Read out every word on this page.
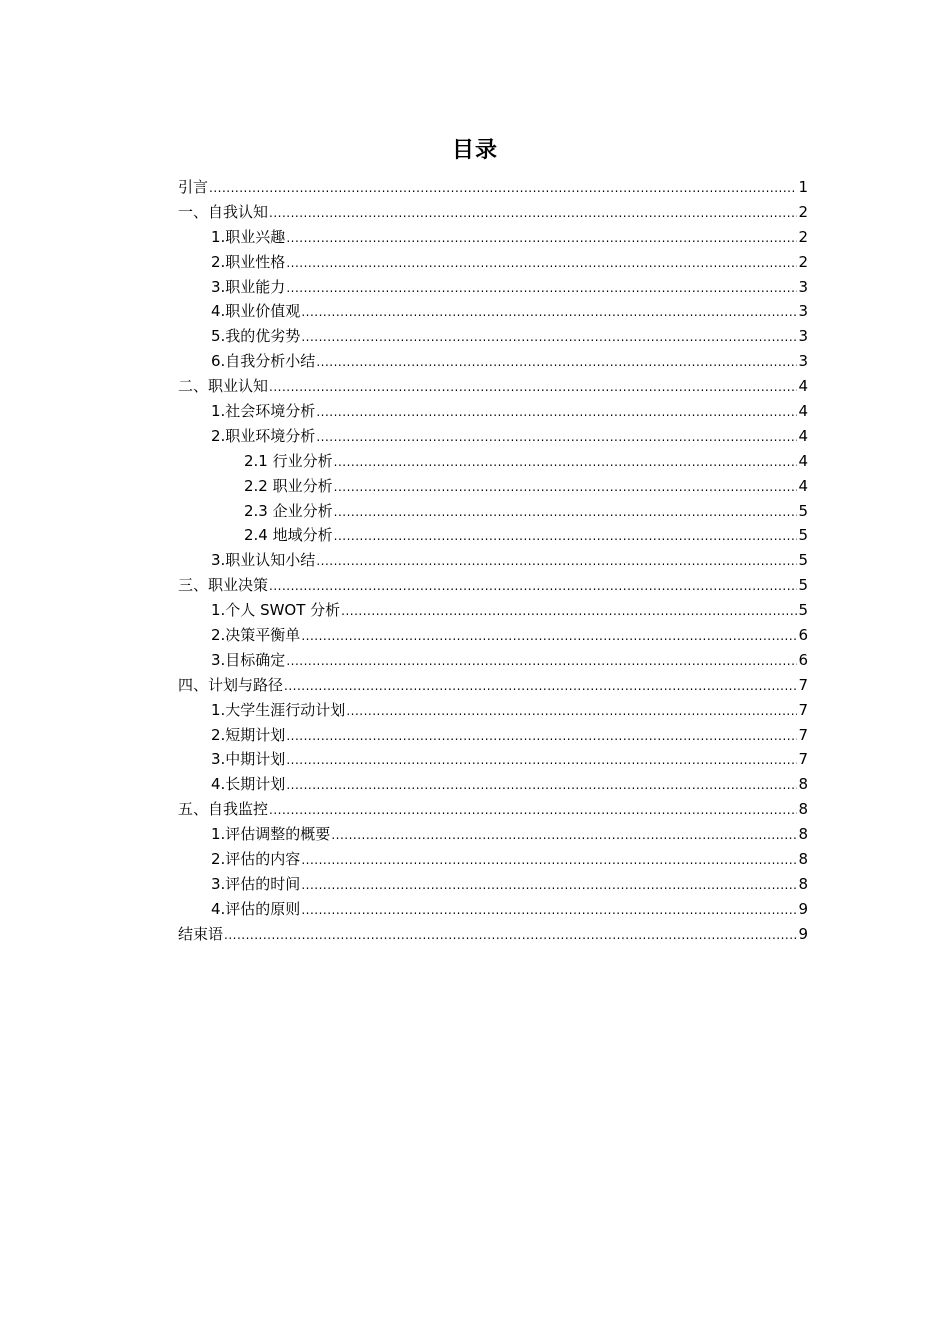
目录
引言 .....	1
一、自我认知 .....	2
1.职业兴趣 .....	2
2.职业性格 .....	2
3.职业能力 .....	3
4.职业价值观 .....	3
5.我的优劣势 .....	3
6.自我分析小结 .....	3
二、职业认知 .....	4
1.社会环境分析 .....	4
2.职业环境分析 .....	4
2.1 行业分析 .....	4
2.2 职业分析 .....	4
2.3 企业分析 .....	5
2.4 地域分析 .....	5
3.职业认知小结 .....	5
三、职业决策 .....	5
1.个人 SWOT 分析 .....	5
2.决策平衡单 .....	6
3.目标确定 .....	6
四、计划与路径 .....	7
1.大学生涯行动计划 .....	7
2.短期计划 .....	7
3.中期计划 .....	7
4.长期计划 .....	8
五、自我监控 .....	8
1.评估调整的概要 .....	8
2.评估的内容 .....	8
3.评估的时间 .....	8
4.评估的原则 .....	9
结束语 .....	9
